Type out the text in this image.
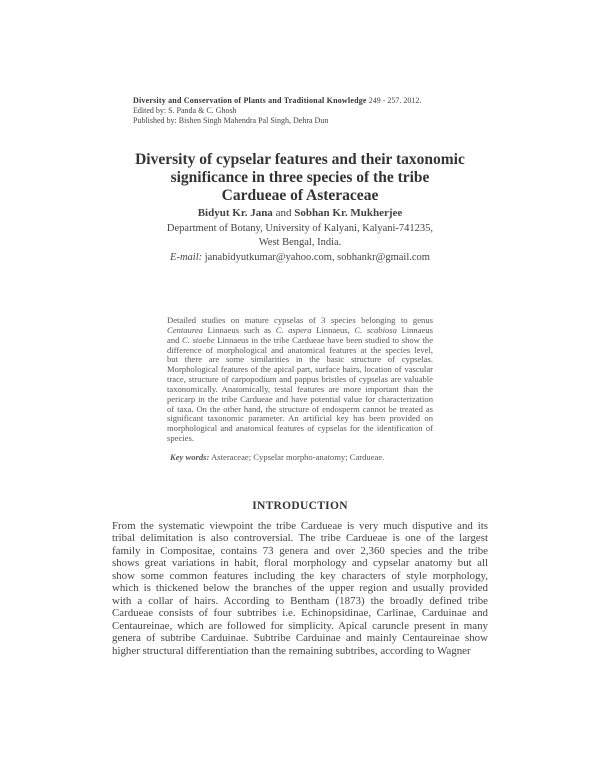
Diversity and Conservation of Plants and Traditional Knowledge 249 - 257. 2012.
Edited by: S. Panda & C. Ghosh
Published by: Bishen Singh Mahendra Pal Singh, Dehra Dun
Diversity of cypselar features and their taxonomic
significance in three species of the tribe
Cardueae of Asteraceae
Bidyut Kr. Jana and Sobhan Kr. Mukherjee
Department of Botany, University of Kalyani, Kalyani-741235,
West Bengal, India.
E-mail: janabidyutkumar@yahoo.com, sobhankr@gmail.com
Detailed studies on mature cypselas of 3 species belonging to genus
Centaurea Linnaeus such as C. aspera Linnaeus, C. scabiosa Linnaeus
and C. stoebe Linnaeus in the tribe Cardueae have been studied to show the
difference of morphological and anatomical features at the species level,
but there are some similarities in the basic structure of cypselas.
Morphological features of the apical part, surface hairs, location of vascular
trace, structure of carpopodium and pappus bristles of cypselas are valuable
taxonomically. Anatomically, testal features are more important than the
pericarp in the tribe Cardueae and have potential value for characterization
of taxa. On the other hand, the structure of endosperm cannot be treated as
significant taxonomic parameter. An artificial key has been provided on
morphological and anatomical features of cypselas for the identification of
species.
Key words: Asteraceae; Cypselar morpho-anatomy; Cardueae.
INTRODUCTION
From the systematic viewpoint the tribe Cardueae is very much disputive and its
tribal delimitation is also controversial. The tribe Cardueae is one of the largest
family in Compositae, contains 73 genera and over 2,360 species and the tribe
shows great variations in habit, floral morphology and cypselar anatomy but all
show some common features including the key characters of style morphology,
which is thickened below the branches of the upper region and usually provided
with a collar of hairs. According to Bentham (1873) the broadly defined tribe
Cardueae consists of four subtribes i.e. Echinopsidinae, Carlinae, Carduinae and
Centaureinae, which are followed for simplicity. Apical caruncle present in many
genera of subtribe Carduinae. Subtribe Carduinae and mainly Centaureinae show
higher structural differentiation than the remaining subtribes, according to Wagner
